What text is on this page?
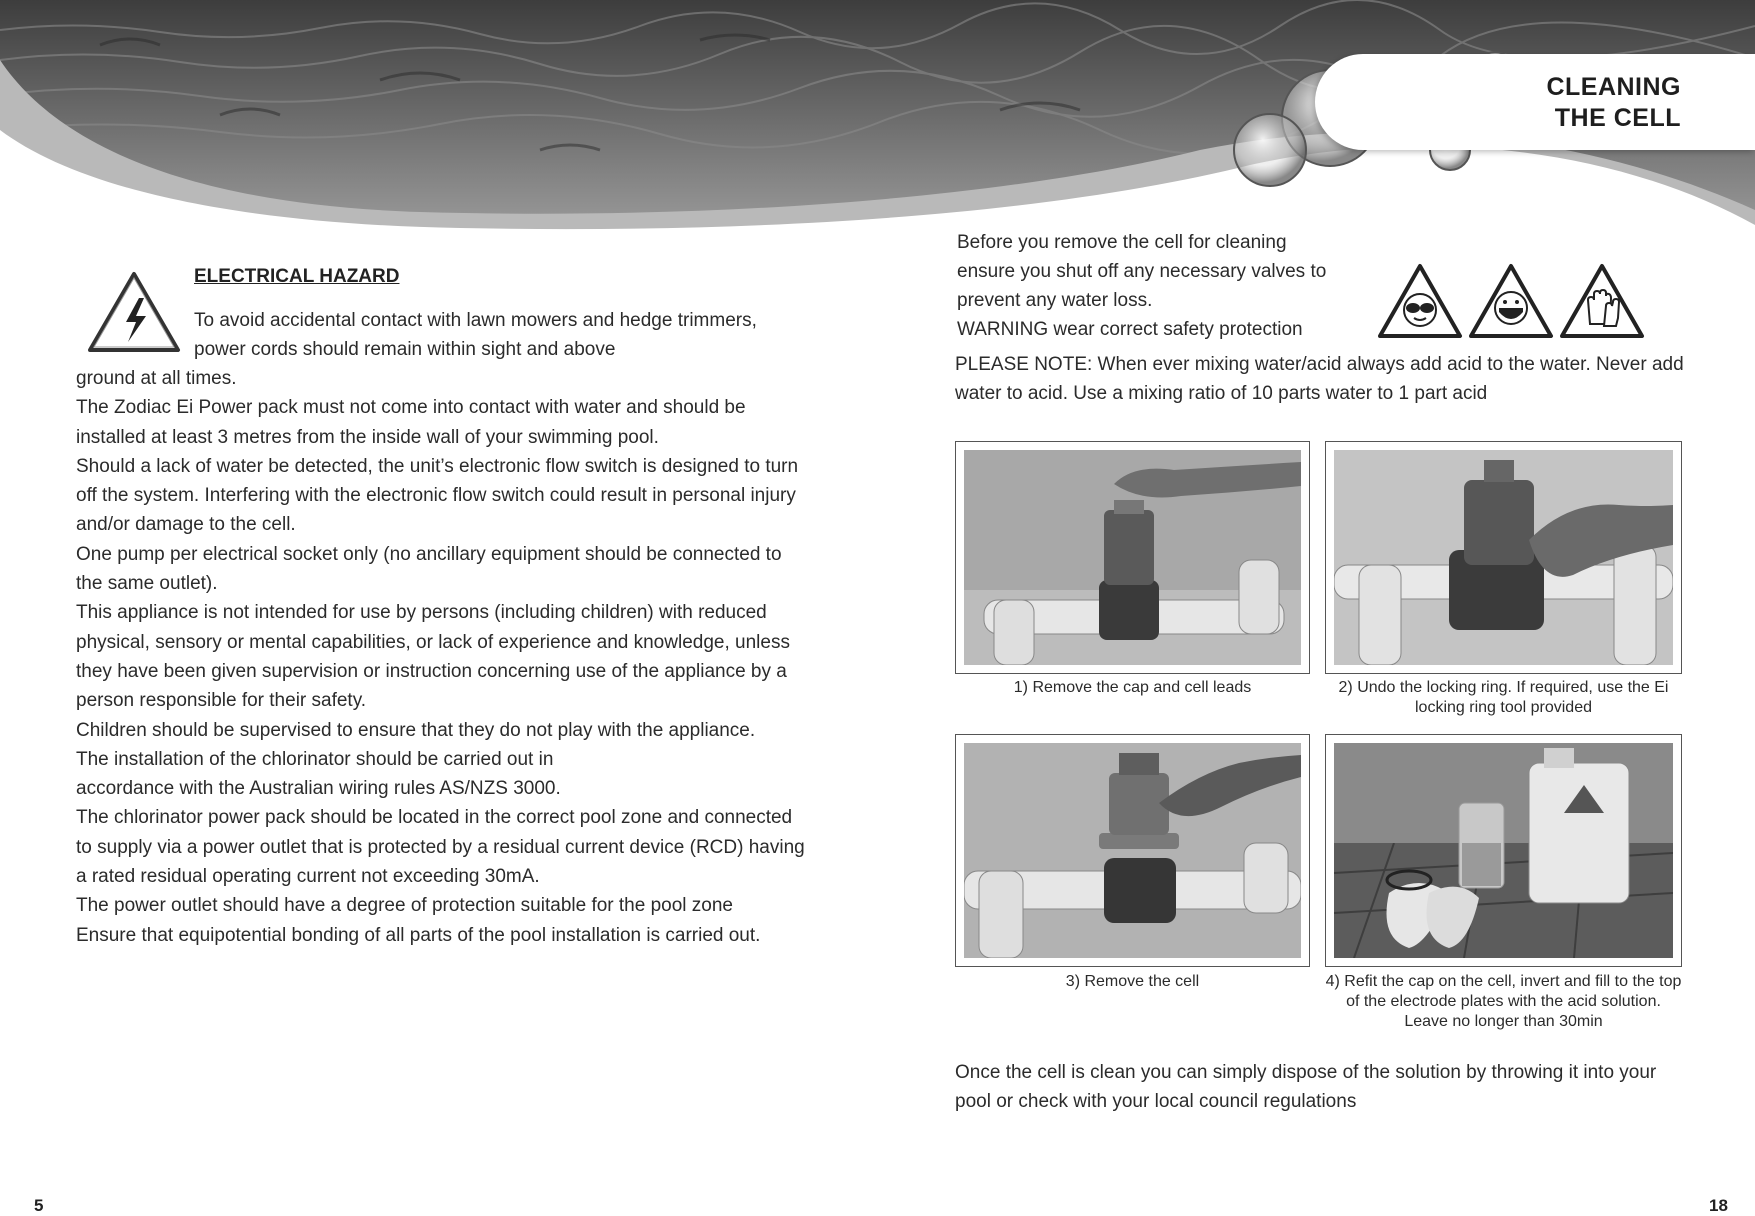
CLEANING
THE CELL
ELECTRICAL HAZARD
To avoid accidental contact with lawn mowers and hedge trimmers, power cords should remain within sight and above

ground at all times.

The Zodiac Ei Power pack must not come into contact with water and should be installed at least 3 metres from the inside wall of your swimming pool.

Should a lack of water be detected, the unit’s electronic flow switch is designed to turn off the system. Interfering with the electronic flow switch could result in personal injury and/or damage to the cell.

One pump per electrical socket only (no ancillary equipment should be connected to the same outlet).

This appliance is not intended for use by persons (including children) with reduced physical, sensory or mental capabilities, or lack of experience and knowledge, unless they have been given supervision or instruction concerning use of the appliance by a person responsible for their safety.

Children should be supervised to ensure that they do not play with the appliance.

The installation of the chlorinator should be carried out in

accordance with the Australian wiring rules AS/NZS 3000.

The chlorinator power pack should be located in the correct pool zone and connected to supply via a power outlet that is protected by a residual current device (RCD) having a rated residual operating current not exceeding 30mA.

The power outlet should have a degree of protection suitable for the pool zone

Ensure that equipotential bonding of all parts of the pool installation is carried out.

5
Before you remove the cell for cleaning
ensure you shut off any necessary valves to
prevent any water loss.
WARNING wear correct safety protection
PLEASE NOTE: When ever mixing water/acid always add acid to the water. Never add water to acid. Use a mixing ratio of 10 parts water to 1 part acid
1) Remove the cap and cell leads	2) Undo the locking ring. If required, use the Ei locking ring tool provided
3) Remove the cell	4) Refit the cap on the cell, invert and fill to the top of the electrode plates with the acid solution. Leave no longer than 30min
Once the cell is clean you can simply dispose of the solution by throwing it into your pool or check with your local council regulations
18
